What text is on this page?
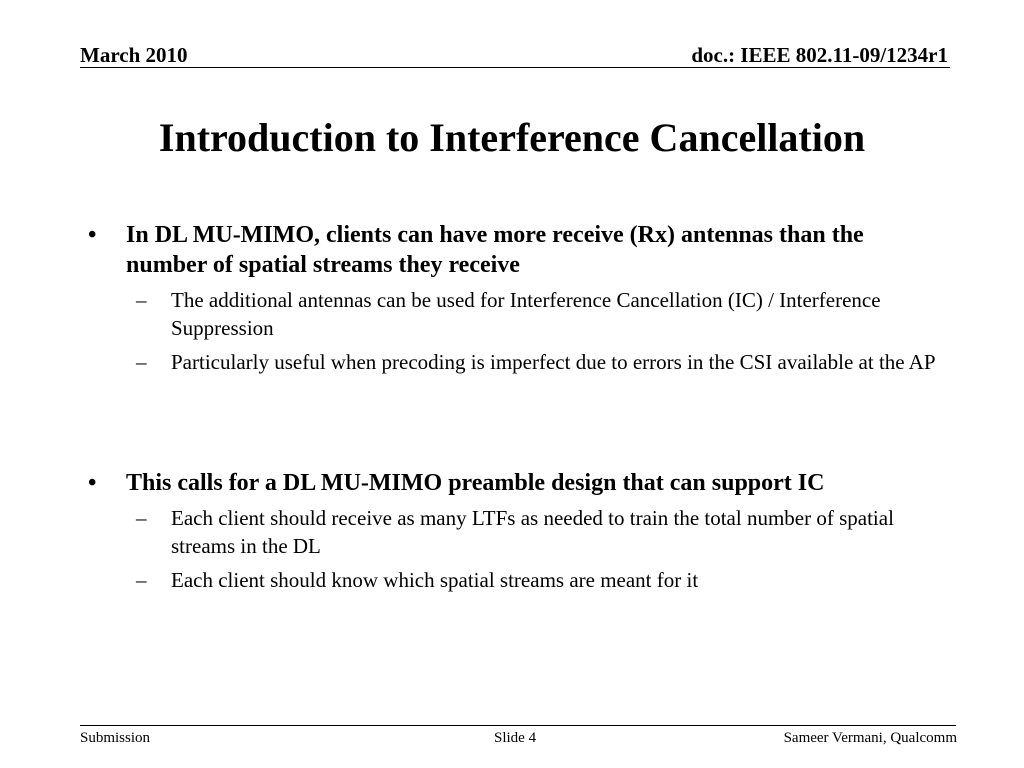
March 2010	doc.: IEEE 802.11-09/1234r1
Introduction to Interference Cancellation
• In DL MU-MIMO, clients can have more receive (Rx) antennas than the number of spatial streams they receive
– The additional antennas can be used for Interference Cancellation (IC) / Interference Suppression
– Particularly useful when precoding is imperfect due to errors in the CSI available at the AP
• This calls for a DL MU-MIMO preamble design that can support IC
– Each client should receive as many LTFs as needed to train the total number of spatial streams in the DL
– Each client should know which spatial streams are meant for it
Submission	Slide 4	Sameer Vermani, Qualcomm
